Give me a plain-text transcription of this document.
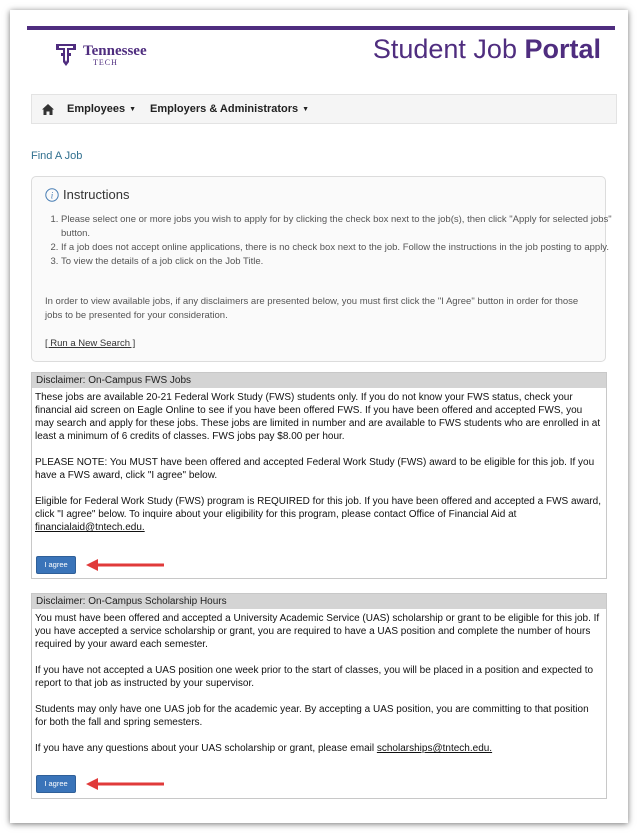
Tennessee
TECH	Student Job Portal
Employees ▼ Employers & Administrators ▼
Find A Job
i Instructions
1. Please select one or more jobs you wish to apply for by clicking the check box next to the job(s), then click "Apply for selected jobs" button.
2. If a job does not accept online applications, there is no check box next to the job. Follow the instructions in the job posting to apply.
3. To view the details of a job click on the Job Title.
In order to view available jobs, if any disclaimers are presented below, you must first click the "I Agree" button in order for those jobs to be presented for your consideration.
[ Run a New Search ]
Disclaimer: On-Campus FWS Jobs

These jobs are available 20-21 Federal Work Study (FWS) students only. If you do not know your FWS status, check your financial aid screen on Eagle Online to see if you have been offered FWS. If you have been offered and accepted FWS, you may search and apply for these jobs. These jobs are limited in number and are available to FWS students who are enrolled in at least a minimum of 6 credits of classes. FWS jobs pay $8.00 per hour.

PLEASE NOTE: You MUST have been offered and accepted Federal Work Study (FWS) award to be eligible for this job. If you have a FWS award, click "I agree" below.

Eligible for Federal Work Study (FWS) program is REQUIRED for this job. If you have been offered and accepted a FWS award, click "I agree" below. To inquire about your eligibility for this program, please contact Office of Financial Aid at financialaid@tntech.edu.

I agree
Disclaimer: On-Campus Scholarship Hours

You must have been offered and accepted a University Academic Service (UAS) scholarship or grant to be eligible for this job. If you have accepted a service scholarship or grant, you are required to have a UAS position and complete the number of hours required by your award each semester.

If you have not accepted a UAS position one week prior to the start of classes, you will be placed in a position and expected to report to that job as instructed by your supervisor.

Students may only have one UAS job for the academic year. By accepting a UAS position, you are committing to that position for both the fall and spring semesters.

If you have any questions about your UAS scholarship or grant, please email scholarships@tntech.edu.

I agree
